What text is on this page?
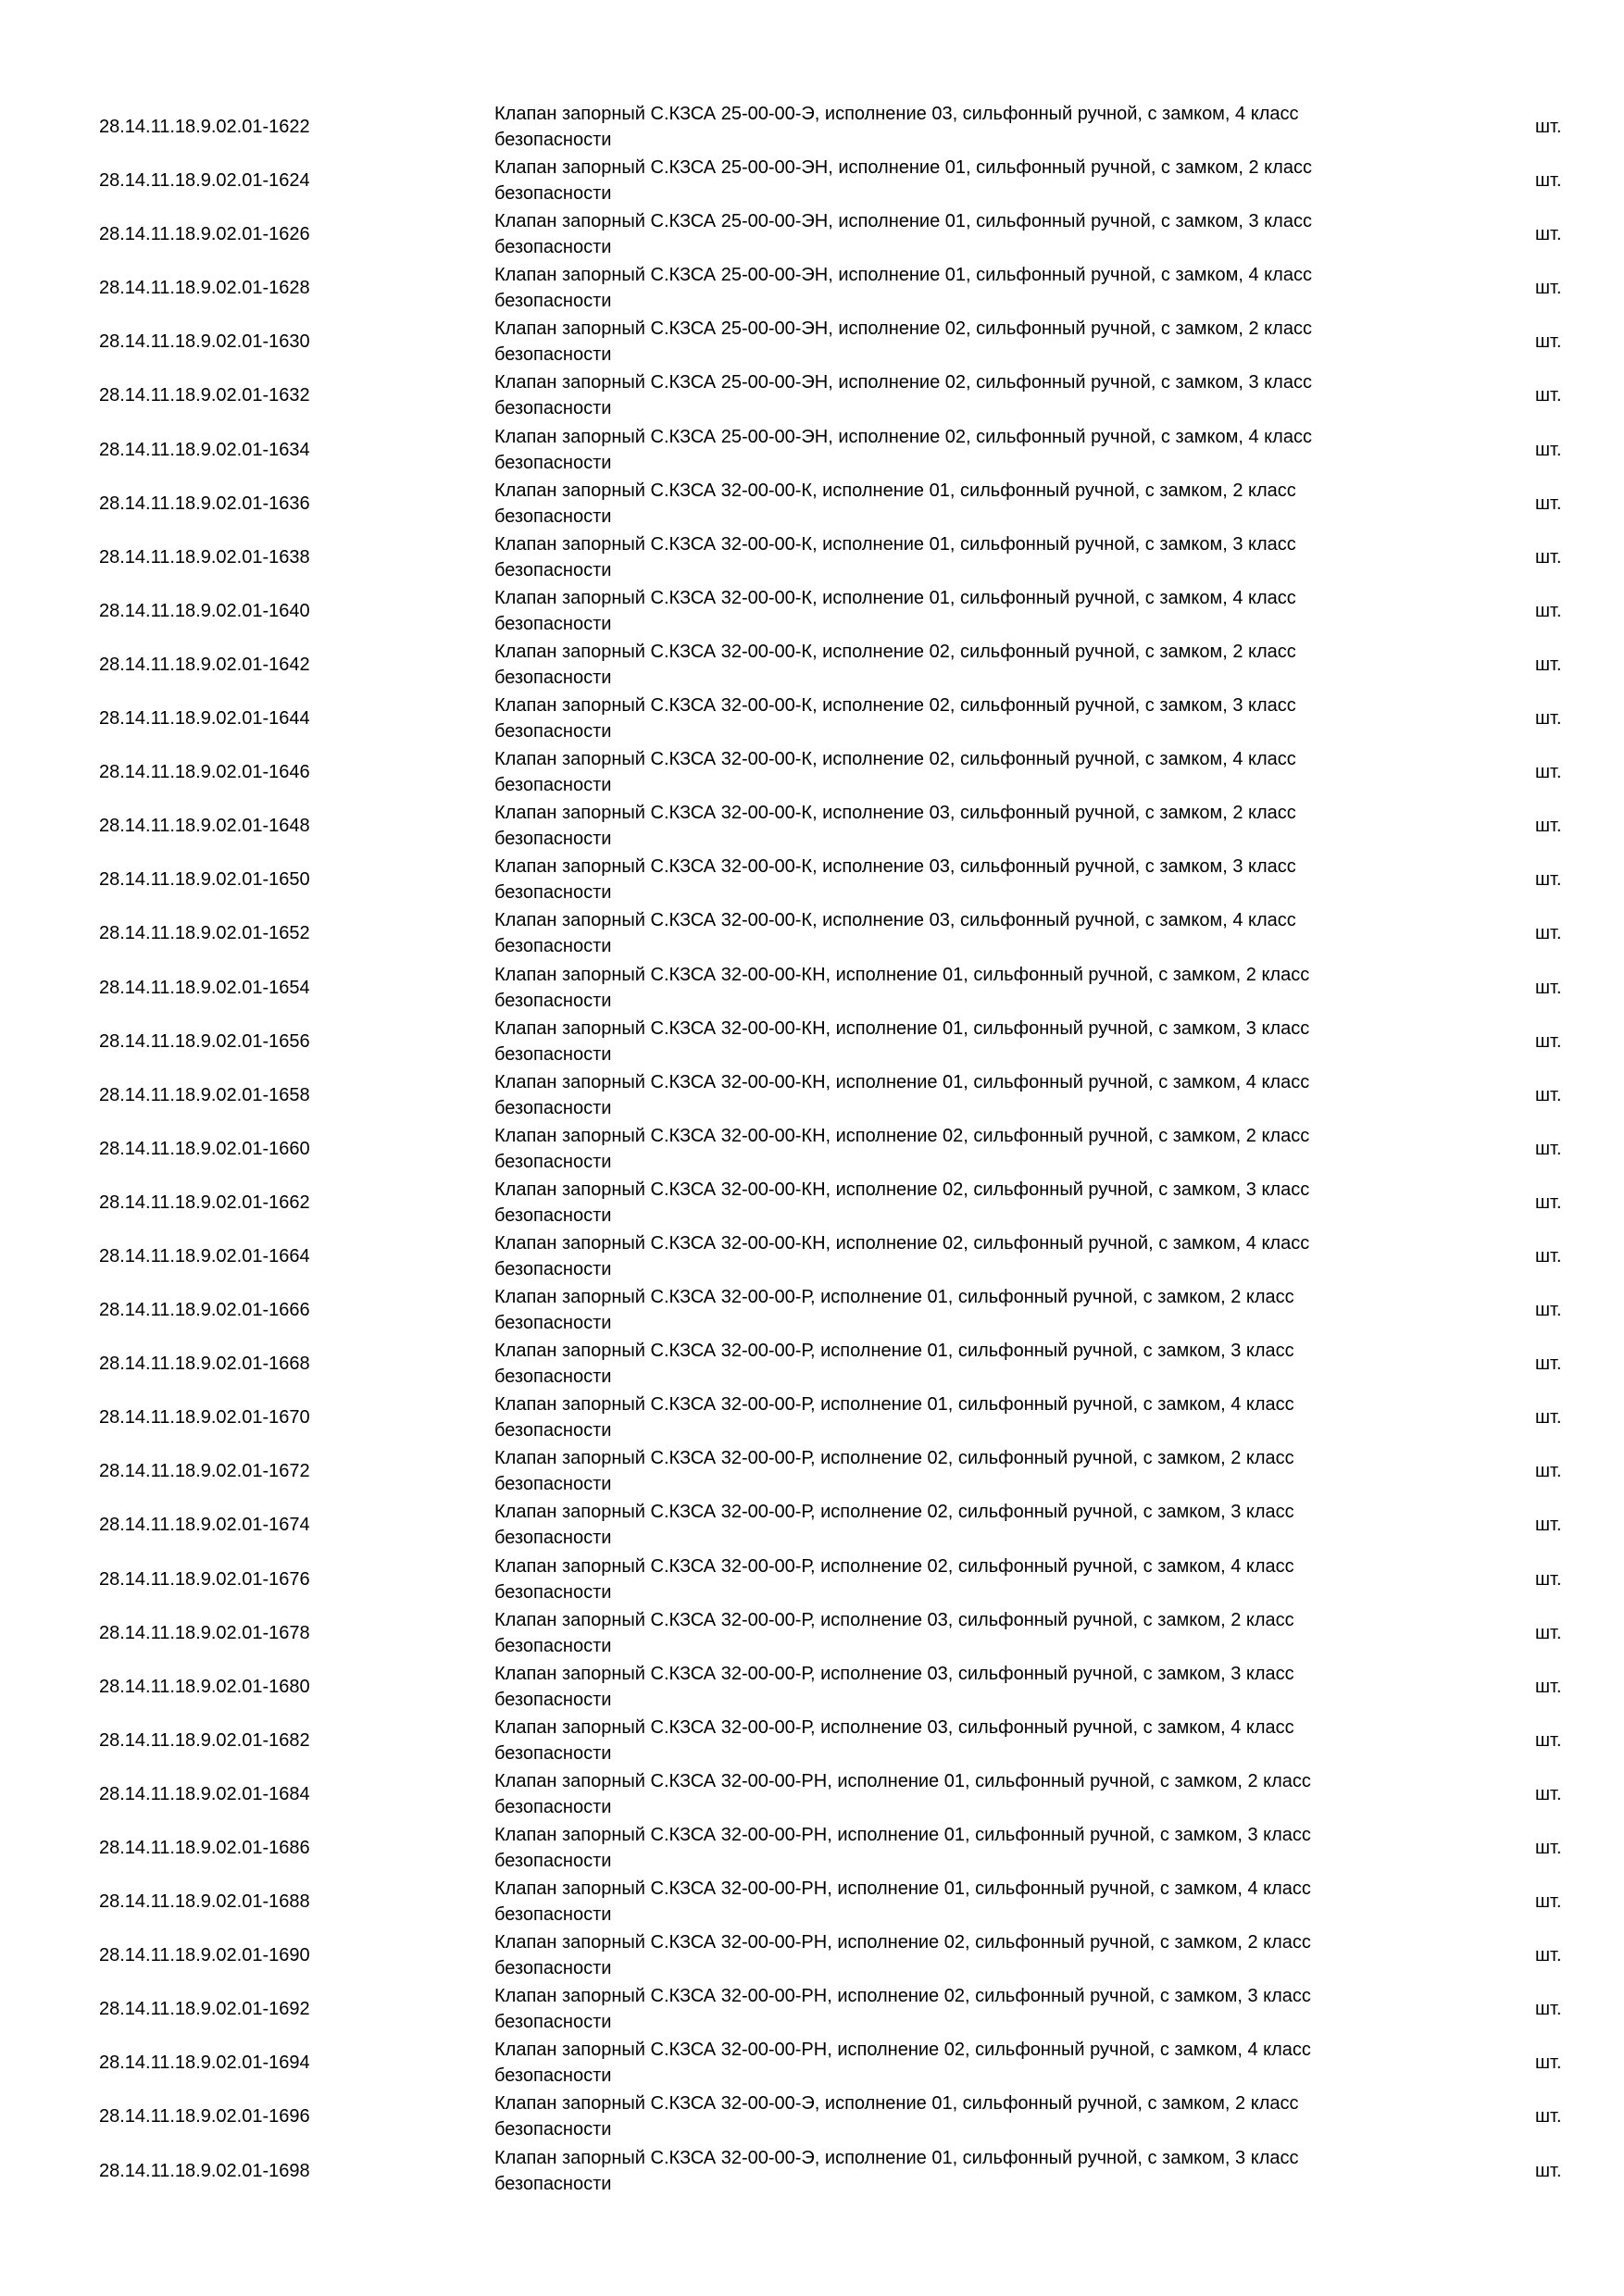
28.14.11.18.9.02.01-1622
Клапан запорный С.КЗСА 25-00-00-Э, исполнение 03, сильфонный ручной, с замком, 4 класс
безопасности
шт.
28.14.11.18.9.02.01-1624
Клапан запорный С.КЗСА 25-00-00-ЭН, исполнение 01, сильфонный ручной, с замком, 2 класс
безопасности
шт.
28.14.11.18.9.02.01-1626
Клапан запорный С.КЗСА 25-00-00-ЭН, исполнение 01, сильфонный ручной, с замком, 3 класс
безопасности
шт.
28.14.11.18.9.02.01-1628
Клапан запорный С.КЗСА 25-00-00-ЭН, исполнение 01, сильфонный ручной, с замком, 4 класс
безопасности
шт.
28.14.11.18.9.02.01-1630
Клапан запорный С.КЗСА 25-00-00-ЭН, исполнение 02, сильфонный ручной, с замком, 2 класс
безопасности
шт.
28.14.11.18.9.02.01-1632
Клапан запорный С.КЗСА 25-00-00-ЭН, исполнение 02, сильфонный ручной, с замком, 3 класс
безопасности
шт.
28.14.11.18.9.02.01-1634
Клапан запорный С.КЗСА 25-00-00-ЭН, исполнение 02, сильфонный ручной, с замком, 4 класс
безопасности
шт.
28.14.11.18.9.02.01-1636
Клапан запорный С.КЗСА 32-00-00-К, исполнение 01, сильфонный ручной, с замком, 2 класс
безопасности
шт.
28.14.11.18.9.02.01-1638
Клапан запорный С.КЗСА 32-00-00-К, исполнение 01, сильфонный ручной, с замком, 3 класс
безопасности
шт.
28.14.11.18.9.02.01-1640
Клапан запорный С.КЗСА 32-00-00-К, исполнение 01, сильфонный ручной, с замком, 4 класс
безопасности
шт.
28.14.11.18.9.02.01-1642
Клапан запорный С.КЗСА 32-00-00-К, исполнение 02, сильфонный ручной, с замком, 2 класс
безопасности
шт.
28.14.11.18.9.02.01-1644
Клапан запорный С.КЗСА 32-00-00-К, исполнение 02, сильфонный ручной, с замком, 3 класс
безопасности
шт.
28.14.11.18.9.02.01-1646
Клапан запорный С.КЗСА 32-00-00-К, исполнение 02, сильфонный ручной, с замком, 4 класс
безопасности
шт.
28.14.11.18.9.02.01-1648
Клапан запорный С.КЗСА 32-00-00-К, исполнение 03, сильфонный ручной, с замком, 2 класс
безопасности
шт.
28.14.11.18.9.02.01-1650
Клапан запорный С.КЗСА 32-00-00-К, исполнение 03, сильфонный ручной, с замком, 3 класс
безопасности
шт.
28.14.11.18.9.02.01-1652
Клапан запорный С.КЗСА 32-00-00-К, исполнение 03, сильфонный ручной, с замком, 4 класс
безопасности
шт.
28.14.11.18.9.02.01-1654
Клапан запорный С.КЗСА 32-00-00-КН, исполнение 01, сильфонный ручной, с замком, 2 класс
безопасности
шт.
28.14.11.18.9.02.01-1656
Клапан запорный С.КЗСА 32-00-00-КН, исполнение 01, сильфонный ручной, с замком, 3 класс
безопасности
шт.
28.14.11.18.9.02.01-1658
Клапан запорный С.КЗСА 32-00-00-КН, исполнение 01, сильфонный ручной, с замком, 4 класс
безопасности
шт.
28.14.11.18.9.02.01-1660
Клапан запорный С.КЗСА 32-00-00-КН, исполнение 02, сильфонный ручной, с замком, 2 класс
безопасности
шт.
28.14.11.18.9.02.01-1662
Клапан запорный С.КЗСА 32-00-00-КН, исполнение 02, сильфонный ручной, с замком, 3 класс
безопасности
шт.
28.14.11.18.9.02.01-1664
Клапан запорный С.КЗСА 32-00-00-КН, исполнение 02, сильфонный ручной, с замком, 4 класс
безопасности
шт.
28.14.11.18.9.02.01-1666
Клапан запорный С.КЗСА 32-00-00-Р, исполнение 01, сильфонный ручной, с замком, 2 класс
безопасности
шт.
28.14.11.18.9.02.01-1668
Клапан запорный С.КЗСА 32-00-00-Р, исполнение 01, сильфонный ручной, с замком, 3 класс
безопасности
шт.
28.14.11.18.9.02.01-1670
Клапан запорный С.КЗСА 32-00-00-Р, исполнение 01, сильфонный ручной, с замком, 4 класс
безопасности
шт.
28.14.11.18.9.02.01-1672
Клапан запорный С.КЗСА 32-00-00-Р, исполнение 02, сильфонный ручной, с замком, 2 класс
безопасности
шт.
28.14.11.18.9.02.01-1674
Клапан запорный С.КЗСА 32-00-00-Р, исполнение 02, сильфонный ручной, с замком, 3 класс
безопасности
шт.
28.14.11.18.9.02.01-1676
Клапан запорный С.КЗСА 32-00-00-Р, исполнение 02, сильфонный ручной, с замком, 4 класс
безопасности
шт.
28.14.11.18.9.02.01-1678
Клапан запорный С.КЗСА 32-00-00-Р, исполнение 03, сильфонный ручной, с замком, 2 класс
безопасности
шт.
28.14.11.18.9.02.01-1680
Клапан запорный С.КЗСА 32-00-00-Р, исполнение 03, сильфонный ручной, с замком, 3 класс
безопасности
шт.
28.14.11.18.9.02.01-1682
Клапан запорный С.КЗСА 32-00-00-Р, исполнение 03, сильфонный ручной, с замком, 4 класс
безопасности
шт.
28.14.11.18.9.02.01-1684
Клапан запорный С.КЗСА 32-00-00-РН, исполнение 01, сильфонный ручной, с замком, 2 класс
безопасности
шт.
28.14.11.18.9.02.01-1686
Клапан запорный С.КЗСА 32-00-00-РН, исполнение 01, сильфонный ручной, с замком, 3 класс
безопасности
шт.
28.14.11.18.9.02.01-1688
Клапан запорный С.КЗСА 32-00-00-РН, исполнение 01, сильфонный ручной, с замком, 4 класс
безопасности
шт.
28.14.11.18.9.02.01-1690
Клапан запорный С.КЗСА 32-00-00-РН, исполнение 02, сильфонный ручной, с замком, 2 класс
безопасности
шт.
28.14.11.18.9.02.01-1692
Клапан запорный С.КЗСА 32-00-00-РН, исполнение 02, сильфонный ручной, с замком, 3 класс
безопасности
шт.
28.14.11.18.9.02.01-1694
Клапан запорный С.КЗСА 32-00-00-РН, исполнение 02, сильфонный ручной, с замком, 4 класс
безопасности
шт.
28.14.11.18.9.02.01-1696
Клапан запорный С.КЗСА 32-00-00-Э, исполнение 01, сильфонный ручной, с замком, 2 класс
безопасности
шт.
28.14.11.18.9.02.01-1698
Клапан запорный С.КЗСА 32-00-00-Э, исполнение 01, сильфонный ручной, с замком, 3 класс
безопасности
шт.
